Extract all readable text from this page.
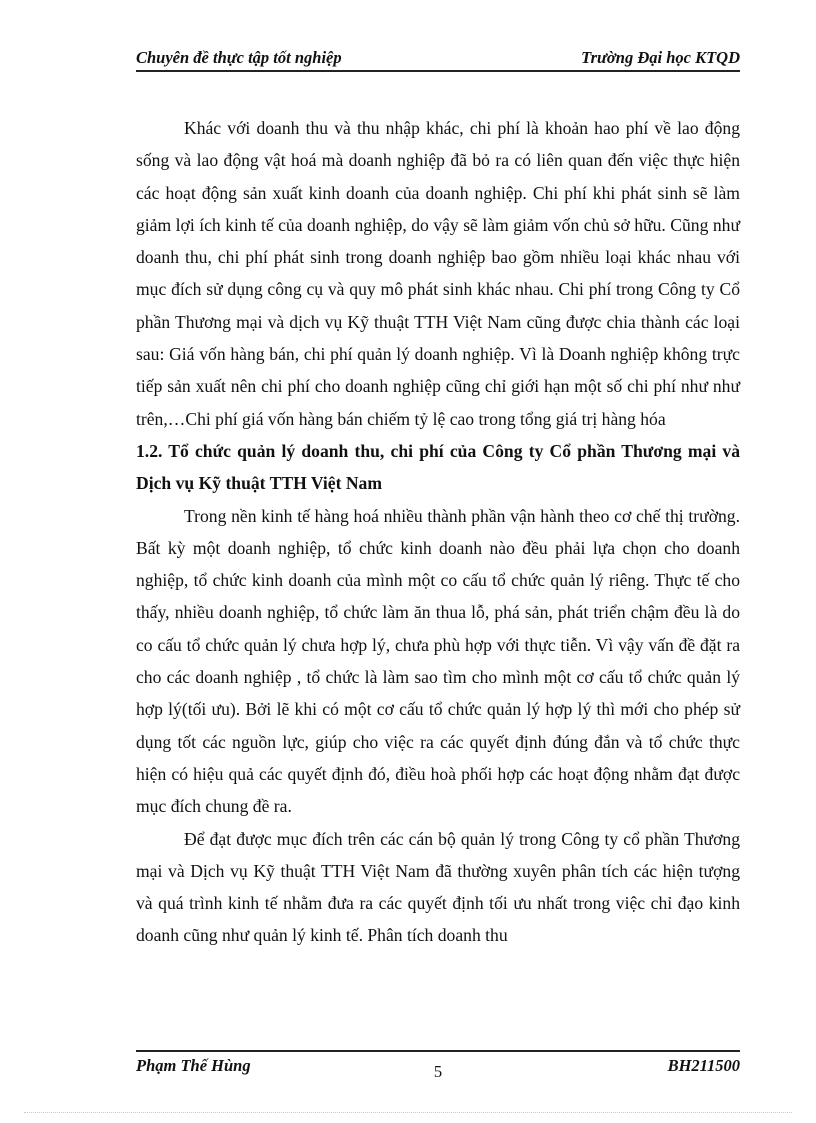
Chuyên đề thực tập tốt nghiệp	Trường Đại học KTQD

Khác với doanh thu và thu nhập khác, chi phí là khoản hao phí về lao động sống và lao động vật hoá mà doanh nghiệp đã bỏ ra có liên quan đến việc thực hiện các hoạt động sản xuất kinh doanh của doanh nghiệp. Chi phí khi phát sinh sẽ làm giảm lợi ích kinh tế của doanh nghiệp, do vậy sẽ làm giảm vốn chủ sở hữu. Cũng như doanh thu, chi phí phát sinh trong doanh nghiệp bao gồm nhiều loại khác nhau với mục đích sử dụng công cụ và quy mô phát sinh khác nhau. Chi phí trong Công ty Cổ phần Thương mại và dịch vụ Kỹ thuật TTH Việt Nam cũng được chia thành các loại sau: Giá vốn hàng bán, chi phí quản lý doanh nghiệp. Vì là Doanh nghiệp không trực tiếp sản xuất nên chi phí cho doanh nghiệp cũng chỉ giới hạn một số chi phí như như trên,…Chi phí giá vốn hàng bán chiếm tỷ lệ cao trong tổng giá trị hàng hóa

1.2. Tổ chức quản lý doanh thu, chi phí của Công ty Cổ phần Thương mại và Dịch vụ Kỹ thuật TTH Việt Nam

Trong nền kinh tế hàng hoá nhiều thành phần vận hành theo cơ chế thị trường. Bất kỳ một doanh nghiệp, tổ chức kinh doanh nào đều phải lựa chọn cho doanh nghiệp, tổ chức kinh doanh của mình một co cấu tổ chức quản lý riêng. Thực tế cho thấy, nhiều doanh nghiệp, tổ chức làm ăn thua lỗ, phá sản, phát triển chậm đều là do co cấu tổ chức quản lý chưa hợp lý, chưa phù hợp với thực tiễn. Vì vậy vấn đề đặt ra cho các doanh nghiệp , tổ chức là làm sao tìm cho mình một cơ cấu tổ chức quản lý hợp lý(tối ưu). Bởi lẽ khi có một cơ cấu tổ chức quản lý hợp lý thì mới cho phép sử dụng tốt các nguồn lực, giúp cho việc ra các quyết định đúng đắn và tổ chức thực hiện có hiệu quả các quyết định đó, điều hoà phối hợp các hoạt động nhằm đạt được mục đích chung đề ra.

Để đạt được mục đích trên các cán bộ quản lý trong Công ty cổ phần Thương mại và Dịch vụ Kỹ thuật TTH Việt Nam đã thường xuyên phân tích các hiện tượng và quá trình kinh tế nhằm đưa ra các quyết định tối ưu nhất trong việc chỉ đạo kinh doanh cũng như quản lý kinh tế. Phân tích doanh thu

Phạm Thế Hùng	5	BH211500
